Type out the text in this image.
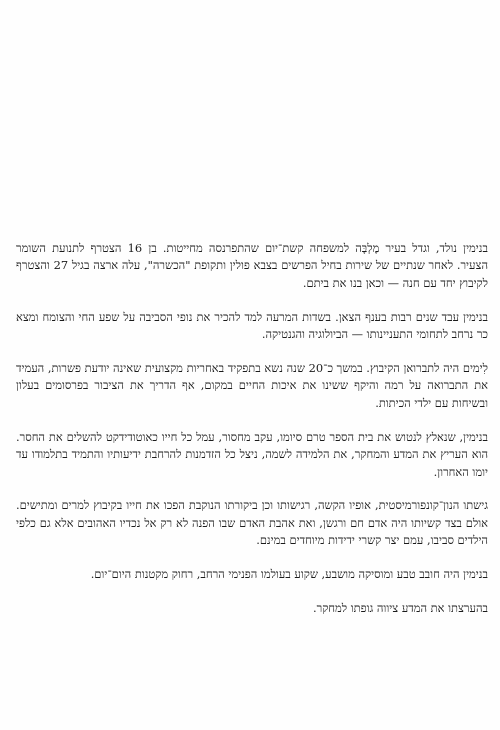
בנימין נולד, וגדל בעיר מֶלְבָּה למשפחה קשת־יום שהתפרנסה מחייטות. בן 16 הצטרף לתנועת השומר הצעיר. לאחר שנתיים של שירות בחיל הפרשים בצבא פולין ותקופת "הכשרה", עלה ארצה בגיל 27 והצטרף לקיבוץ יחד עם חנה — וכאן בנו את ביתם.

בנימין עבד שנים רבות בענף הצאן. בשדות המרעה למד להכיר את נופי הסביבה על שפע החי והצומח ומצא כר נרחב לתחומי התעניינותו — הביולוגיה והגנטיקה.

לִימים היה לתברואן הקיבוץ. במשך כ־20 שנה נשא בתפקיד באחריות מקצועית שאינה יודעת פשרות, העמיד את התברואה על רמה והיקף ששינו את איכות החיים במקום, אף הדריך את הציבור בפרסומים בעלון ובשיחות עם ילדי הכיתות.

בנימין, שנאלץ לנטוש את בית הספר טרם סיומו, עקב מחסור, עמל כל חייו כאוטודידקט להשלים את החסר. הוא העריץ את המדע והמחקר, את הלמידה לשמה, ניצל כל הזדמנות להרחבת ידיעותיו והתמיד בתלמודו עד יומו האחרון.

גישתו הנון־קונפורמיסטית, אופיו הקשה, רגישותו וכן ביקורתו הנוקבת הפכו את חייו בקיבוץ למרים ומתישים. אולם בצד קשיותו היה אדם חם ורגשן, ואת אהבת האדם שבו הפנה לא רק אל נכדיו האהובים אלא גם כלפי הילדים סביבו, עמם יצר קשרי ידידות מיוחדים במינם.

בנימין היה חובב טבע ומוסיקה מושבע, שקוע בעולמו הפנימי הרחב, רחוק מקטנות היום־יום.

בהערצתו את המדע ציווה גופתו למחקר.
